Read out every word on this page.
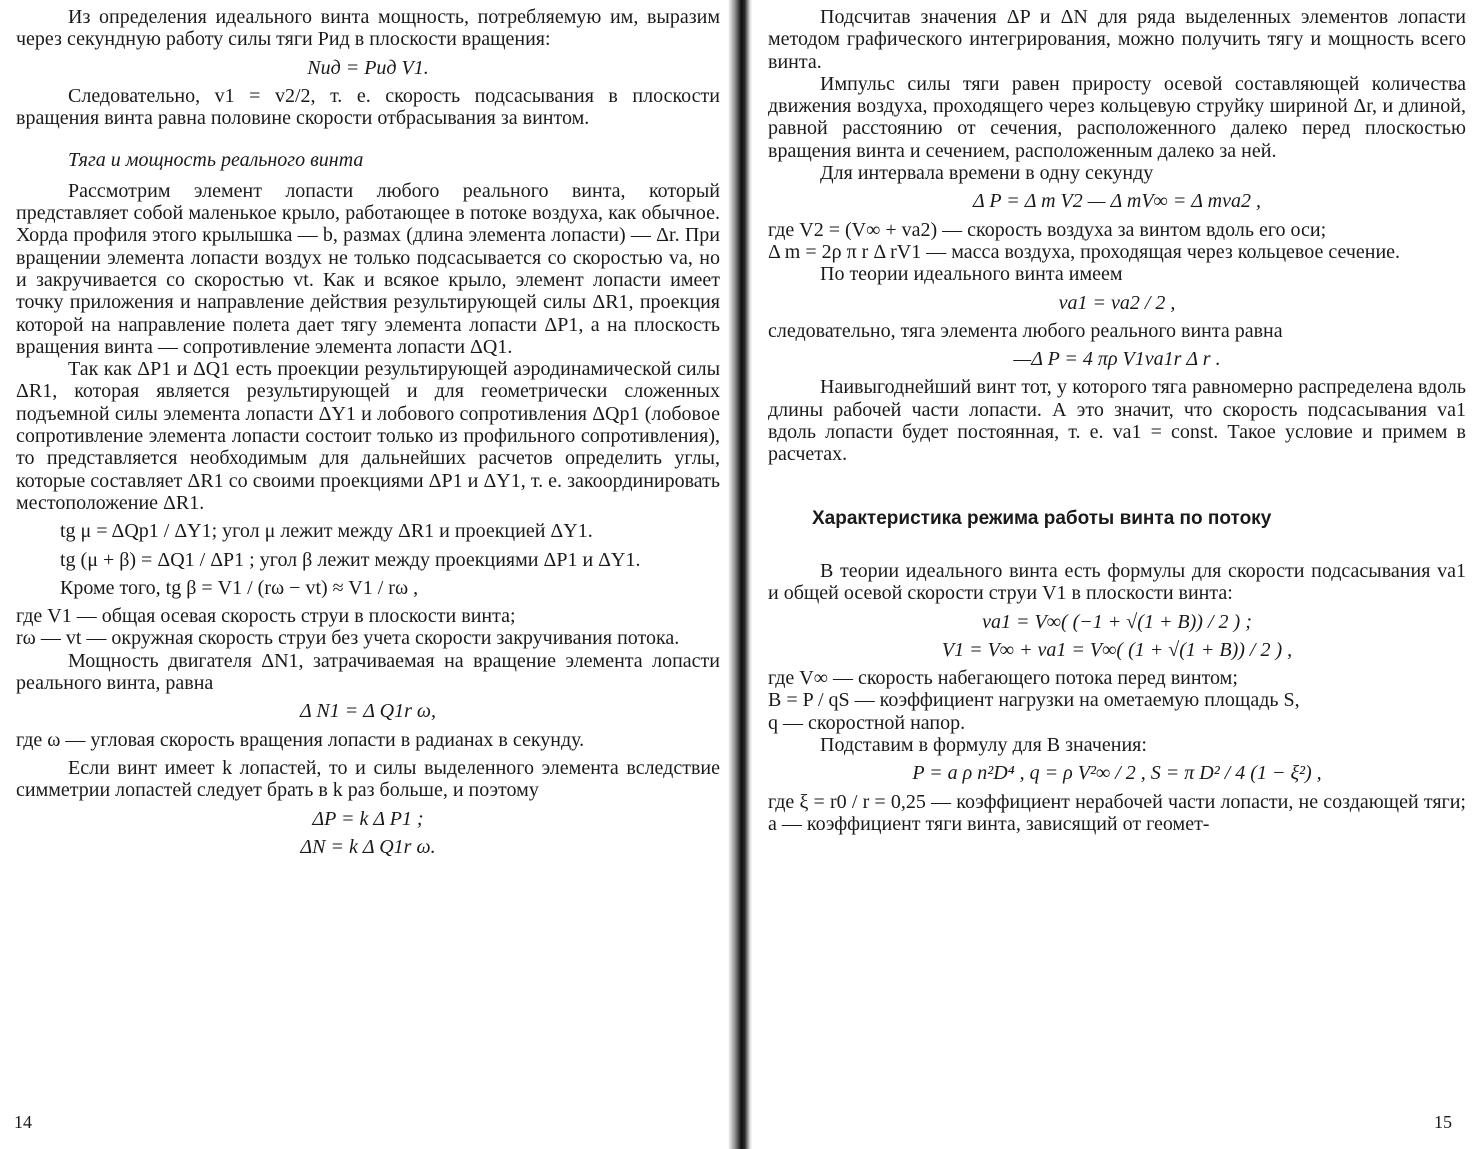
Из определения идеального винта мощность, потребляемую им, выразим через секундную работу силы тяги Pид в плоскости вращения:

Nид = Pид V1.

Следовательно, v1 = v2/2, т. е. скорость подсасывания в плоскости вращения винта равна половине скорости отбрасывания за винтом.

Тяга и мощность реального винта

Рассмотрим элемент лопасти любого реального винта, который представляет собой маленькое крыло, работающее в потоке воздуха, как обычное. Хорда профиля этого крылышка — b, размах (длина элемента лопасти) — Δr. При вращении элемента лопасти воздух не только подсасывается со скоростью va, но и закручивается со скоростью vt. Как и всякое крыло, элемент лопасти имеет точку приложения и направление действия результирующей силы ΔR1, проекция которой на направление полета дает тягу элемента лопасти ΔP1, а на плоскость вращения винта — сопротивление элемента лопасти ΔQ1.

Так как ΔP1 и ΔQ1 есть проекции результирующей аэродинамической силы ΔR1, которая является результирующей и для геометрически сложенных подъемной силы элемента лопасти ΔY1 и лобового сопротивления ΔQp1 (лобовое сопротивление элемента лопасти состоит только из профильного сопротивления), то представляется необходимым для дальнейших расчетов определить углы, которые составляет ΔR1 со своими проекциями ΔP1 и ΔY1, т. е. закоординировать местоположение ΔR1.

tg μ = ΔQp1 / ΔY1; угол μ лежит между ΔR1 и проекцией ΔY1.

tg (μ + β) = ΔQ1 / ΔP1 ; угол β лежит между проекциями ΔP1 и ΔY1.

Кроме того, tg β = V1 / (rω − vt) ≈ V1 / rω ,

где V1 — общая осевая скорость струи в плоскости винта;

rω — vt — окружная скорость струи без учета скорости закручивания потока.

Мощность двигателя ΔN1, затрачиваемая на вращение элемента лопасти реального винта, равна

Δ N1 = Δ Q1r ω,

где ω — угловая скорость вращения лопасти в радианах в секунду.

Если винт имеет k лопастей, то и силы выделенного элемента вследствие симметрии лопастей следует брать в k раз больше, и поэтому

ΔP = k Δ P1 ;

ΔN = k Δ Q1r ω.

14

Подсчитав значения ΔP и ΔN для ряда выделенных элементов лопасти методом графического интегрирования, можно получить тягу и мощность всего винта.

Импульс силы тяги равен приросту осевой составляющей количества движения воздуха, проходящего через кольцевую струйку шириной Δr, и длиной, равной расстоянию от сечения, расположенного далеко перед плоскостью вращения винта и сечением, расположенным далеко за ней.

Для интервала времени в одну секунду

Δ P = Δ m V2 — Δ mV∞ = Δ mva2 ,

где V2 = (V∞ + va2) — скорость воздуха за винтом вдоль его оси;

Δ m = 2ρ π r Δ rV1 — масса воздуха, проходящая через кольцевое сечение.

По теории идеального винта имеем

va1 = va2 / 2 ,

следовательно, тяга элемента любого реального винта равна

—Δ P = 4 πρ V1va1r Δ r .

Наивыгоднейший винт тот, у которого тяга равномерно распределена вдоль длины рабочей части лопасти. А это значит, что скорость подсасывания va1 вдоль лопасти будет постоянная, т. е. va1 = const. Такое условие и примем в расчетах.

Характеристика режима работы винта по потоку

В теории идеального винта есть формулы для скорости подсасывания va1 и общей осевой скорости струи V1 в плоскости винта:

va1 = V∞( (−1 + √(1 + B)) / 2 ) ;

V1 = V∞ + va1 = V∞( (1 + √(1 + B)) / 2 ) ,

где V∞ — скорость набегающего потока перед винтом;

B = P / qS — коэффициент нагрузки на ометаемую площадь S,

q — скоростной напор.

Подставим в формулу для B значения:

P = a ρ n²D⁴ , q = ρ V²∞ / 2 , S = π D² / 4 (1 − ξ²) ,

где ξ = r0 / r = 0,25 — коэффициент нерабочей части лопасти, не создающей тяги; a — коэффициент тяги винта, зависящий от геомет-

15
